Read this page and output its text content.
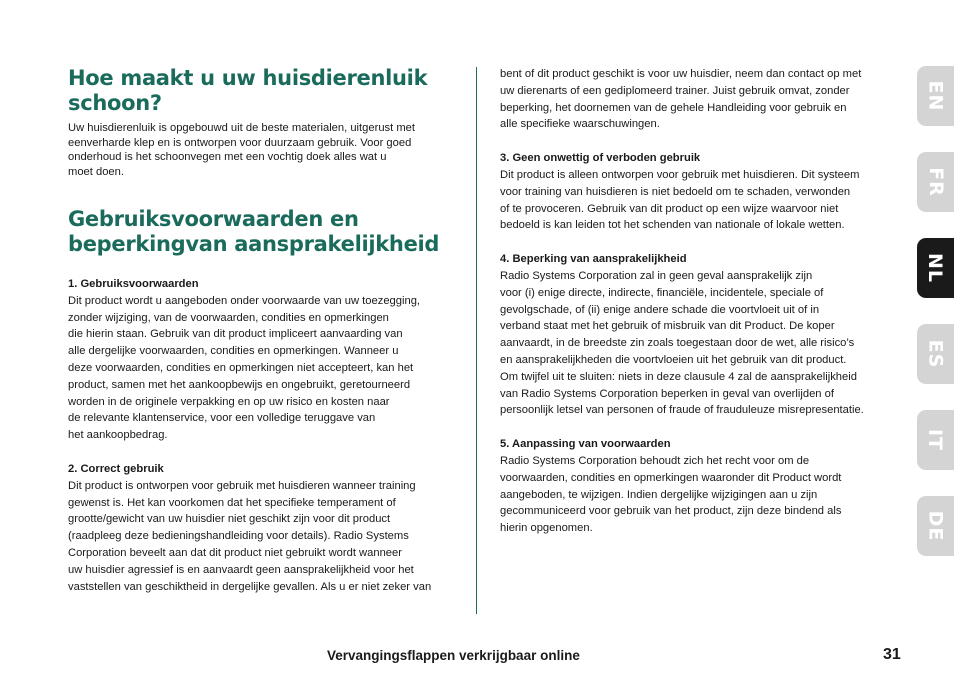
Hoe maakt u uw huisdierenluik schoon?

Uw huisdierenluik is opgebouwd uit de beste materialen, uitgerust met

eenverharde klep en is ontworpen voor duurzaam gebruik. Voor goed

onderhoud is het schoonvegen met een vochtig doek alles wat u

moet doen.

Gebruiksvoorwaarden en
beperkingvan aansprakelijkheid
1. Gebruiksvoorwaarden

Dit product wordt u aangeboden onder voorwaarde van uw toezegging,

zonder wijziging, van de voorwaarden, condities en opmerkingen

die hierin staan. Gebruik van dit product impliceert aanvaarding van

alle dergelijke voorwaarden, condities en opmerkingen. Wanneer u

deze voorwaarden, condities en opmerkingen niet accepteert, kan het

product, samen met het aankoopbewijs en ongebruikt, geretourneerd

worden in de originele verpakking en op uw risico en kosten naar

de relevante klantenservice, voor een volledige teruggave van

het aankoopbedrag.

2. Correct gebruik

Dit product is ontworpen voor gebruik met huisdieren wanneer training

gewenst is. Het kan voorkomen dat het specifieke temperament of

grootte/gewicht van uw huisdier niet geschikt zijn voor dit product

(raadpleeg deze bedieningshandleiding voor details). Radio Systems

Corporation beveelt aan dat dit product niet gebruikt wordt wanneer

uw huisdier agressief is en aanvaardt geen aansprakelijkheid voor het

vaststellen van geschiktheid in dergelijke gevallen. Als u er niet zeker van

bent of dit product geschikt is voor uw huisdier, neem dan contact op met

uw dierenarts of een gediplomeerd trainer. Juist gebruik omvat, zonder

beperking, het doornemen van de gehele Handleiding voor gebruik en

alle specifieke waarschuwingen.

3. Geen onwettig of verboden gebruik

Dit product is alleen ontworpen voor gebruik met huisdieren. Dit systeem

voor training van huisdieren is niet bedoeld om te schaden, verwonden

of te provoceren. Gebruik van dit product op een wijze waarvoor niet

bedoeld is kan leiden tot het schenden van nationale of lokale wetten.

4. Beperking van aansprakelijkheid

Radio Systems Corporation zal in geen geval aansprakelijk zijn

voor (i) enige directe, indirecte, financiële, incidentele, speciale of

gevolgschade, of (ii) enige andere schade die voortvloeit uit of in

verband staat met het gebruik of misbruik van dit Product. De koper

aanvaardt, in de breedste zin zoals toegestaan door de wet, alle risico’s

en aansprakelijkheden die voortvloeien uit het gebruik van dit product.

Om twijfel uit te sluiten: niets in deze clausule 4 zal de aansprakelijkheid

van Radio Systems Corporation beperken in geval van overlijden of

persoonlijk letsel van personen of fraude of frauduleuze misrepresentatie.

5. Aanpassing van voorwaarden

Radio Systems Corporation behoudt zich het recht voor om de

voorwaarden, condities en opmerkingen waaronder dit Product wordt

aangeboden, te wijzigen. Indien dergelijke wijzigingen aan u zijn

gecommuniceerd voor gebruik van het product, zijn deze bindend als

hierin opgenomen.

EN
FR
NL
ES
IT
DE
Vervangingsflappen verkrijgbaar online	31
